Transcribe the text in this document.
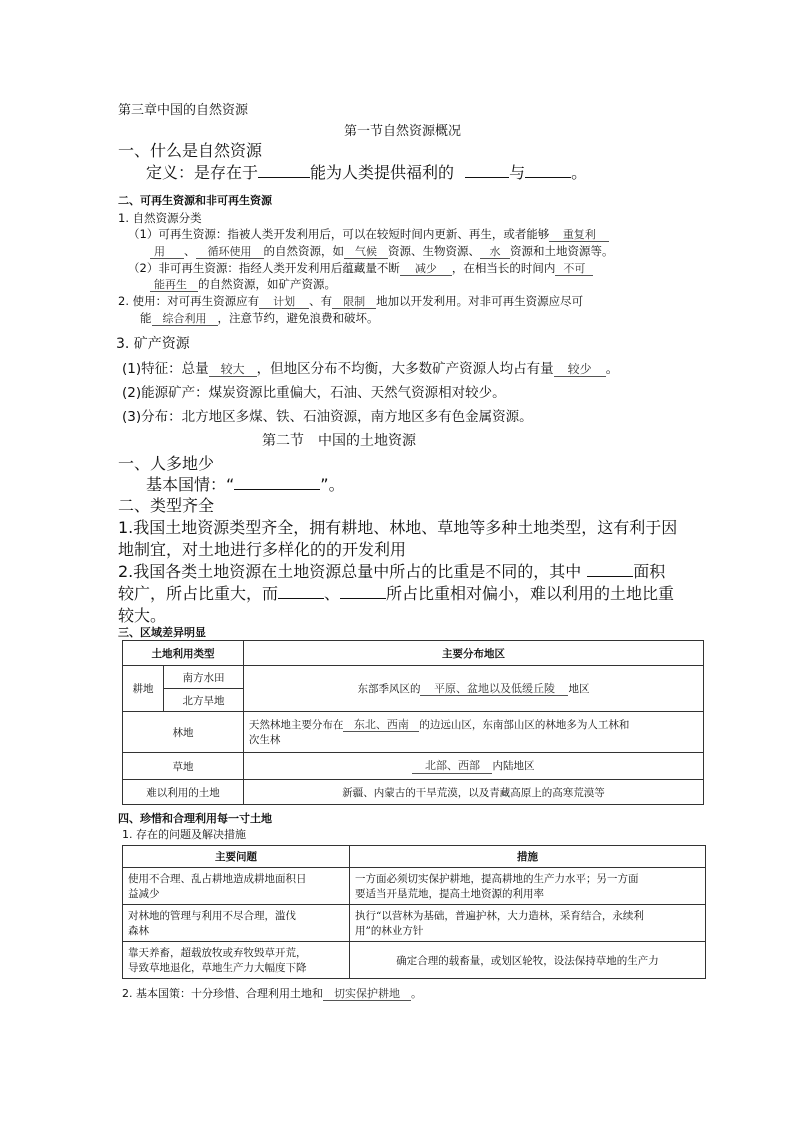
第三章中国的自然资源
第一节自然资源概况
一、什么是自然资源
定义：是存在于	能为人类提供福利的	与	。
二、可再生资源和非可再生资源
1. 自然资源分类
（1）可再生资源：指被人类开发利用后，可以在较短时间内更新、再生，或者能够 重复利
用 、 循环使用 的自然资源，如 气候 资源、生物资源、 水 资源和土地资源等。
（2）非可再生资源：指经人类开发利用后蕴藏量不断 减少 ，在相当长的时间内 不可
能再生 的自然资源，如矿产资源。
2. 使用：对可再生资源应有 计划 、有 限制 地加以开发利用。对非可再生资源应尽可
能 综合利用 ，注意节约，避免浪费和破坏。
3. 矿产资源
(1)特征：总量 较大 ，但地区分布不均衡，大多数矿产资源人均占有量 较少 。
(2)能源矿产：煤炭资源比重偏大，石油、天然气资源相对较少。
(3)分布：北方地区多煤、铁、石油资源，南方地区多有色金属资源。
第二节　中国的土地资源
一、人多地少
基本国情：“	”。
二、类型齐全
1.我国土地资源类型齐全，拥有耕地、林地、草地等多种土地类型，这有利于因
地制宜，对土地进行多样化的的开发利用
2.我国各类土地资源在土地资源总量中所占的比重是不同的，其中	面积
较广，所占比重大，而	、	所占比重相对偏小，难以利用的土地比重
较大。
三、区域差异明显
土地利用类型		主要分布地区
耕地	南方水田	东部季风区的 平原、盆地以及低缓丘陵 地区
	北方旱地	
林地		天然林地主要分布在 东北、西南 的边远山区，东南部山区的林地多为人工林和
次生林
草地		北部、西部 内陆地区
难以利用的土地		新疆、内蒙古的干旱荒漠，以及青藏高原上的高寒荒漠等
四、珍惜和合理利用每一寸土地
1. 存在的问题及解决措施
主要问题	措施
使用不合理、乱占耕地造成耕地面积日
益减少	一方面必须切实保护耕地，提高耕地的生产力水平；另一方面
要适当开垦荒地，提高土地资源的利用率
对林地的管理与利用不尽合理，滥伐
森林	执行“以营林为基础，普遍护林，大力造林，采育结合，永续利
用”的林业方针
靠天养畜，超载放牧或弃牧毁草开荒，
导致草地退化，草地生产力大幅度下降	确定合理的载畜量，或划区轮牧，设法保持草地的生产力
2. 基本国策：十分珍惜、合理利用土地和 切实保护耕地 。
